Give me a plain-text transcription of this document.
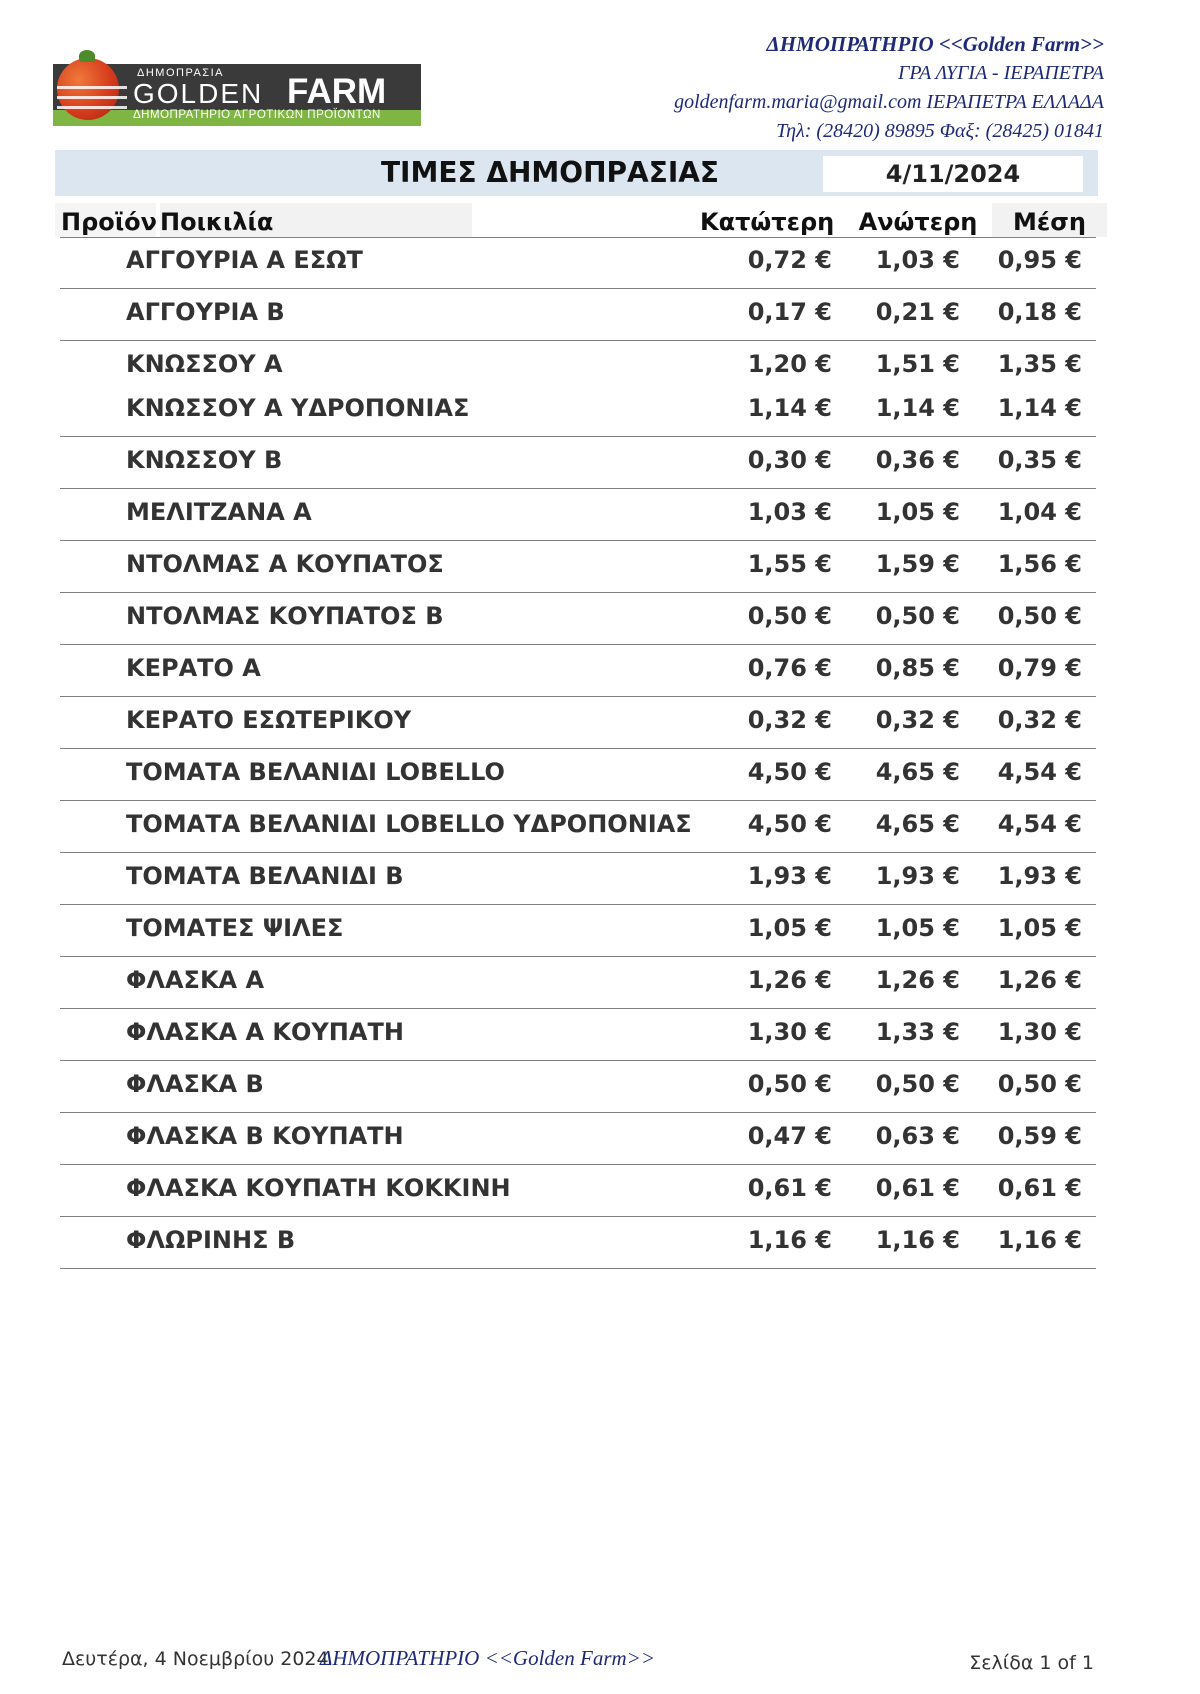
ΔΗΜΟΠΡΑΣΙΑ
GOLDEN FARM
ΔΗΜΟΠΡΑΤΗΡΙΟ ΑΓΡΟΤΙΚΩΝ ΠΡΟΪΟΝΤΩΝ
ΔΗΜΟΠΡΑΤΗΡΙΟ <<Golden Farm>>
ΓΡΑ ΛΥΓΙΑ - ΙΕΡΑΠΕΤΡΑ
goldenfarm.maria@gmail.com ΙΕΡΑΠΕΤΡΑ ΕΛΛΑΔΑ
Τηλ: (28420) 89895 Φαξ: (28425) 01841
ΤΙΜΕΣ ΔΗΜΟΠΡΑΣΙΑΣ	4/11/2024
Προϊόν Ποικιλία	Κατώτερη Ανώτερη	Μέση
ΑΓΓΟΥΡΙΑ Α ΕΣΩΤ	0,72 € 1,03 € 0,95 €
ΑΓΓΟΥΡΙΑ Β	0,17 € 0,21 € 0,18 €
ΚΝΩΣΣΟΥ Α	1,20 € 1,51 € 1,35 €
ΚΝΩΣΣΟΥ Α ΥΔΡΟΠΟΝΙΑΣ	1,14 € 1,14 € 1,14 €
ΚΝΩΣΣΟΥ Β	0,30 € 0,36 € 0,35 €
ΜΕΛΙΤΖΑΝΑ Α	1,03 € 1,05 € 1,04 €
ΝΤΟΛΜΑΣ Α ΚΟΥΠΑΤΟΣ	1,55 € 1,59 € 1,56 €
ΝΤΟΛΜΑΣ ΚΟΥΠΑΤΟΣ Β	0,50 € 0,50 € 0,50 €
ΚΕΡΑΤΟ Α	0,76 € 0,85 € 0,79 €
ΚΕΡΑΤΟ ΕΣΩΤΕΡΙΚΟΥ	0,32 € 0,32 € 0,32 €
ΤΟΜΑΤΑ ΒΕΛΑΝΙΔΙ LOBELLO	4,50 € 4,65 € 4,54 €
ΤΟΜΑΤΑ ΒΕΛΑΝΙΔΙ LOBELLO ΥΔΡΟΠΟΝΙΑΣ 4,50 € 4,65 € 4,54 €
ΤΟΜΑΤΑ ΒΕΛΑΝΙΔΙ Β	1,93 € 1,93 € 1,93 €
ΤΟΜΑΤΕΣ ΨΙΛΕΣ	1,05 € 1,05 € 1,05 €
ΦΛΑΣΚΑ Α	1,26 € 1,26 € 1,26 €
ΦΛΑΣΚΑ Α ΚΟΥΠΑΤΗ	1,30 € 1,33 € 1,30 €
ΦΛΑΣΚΑ Β	0,50 € 0,50 € 0,50 €
ΦΛΑΣΚΑ Β ΚΟΥΠΑΤΗ	0,47 € 0,63 € 0,59 €
ΦΛΑΣΚΑ ΚΟΥΠΑΤΗ ΚΟΚΚΙΝΗ	0,61 € 0,61 € 0,61 €
ΦΛΩΡΙΝΗΣ Β	1,16 € 1,16 € 1,16 €
Δευτέρα, 4 Νοεμβρίου 2024
ΔΗΜΟΠΡΑΤΗΡΙΟ <<Golden Farm>>	Σελίδα 1 of 1
